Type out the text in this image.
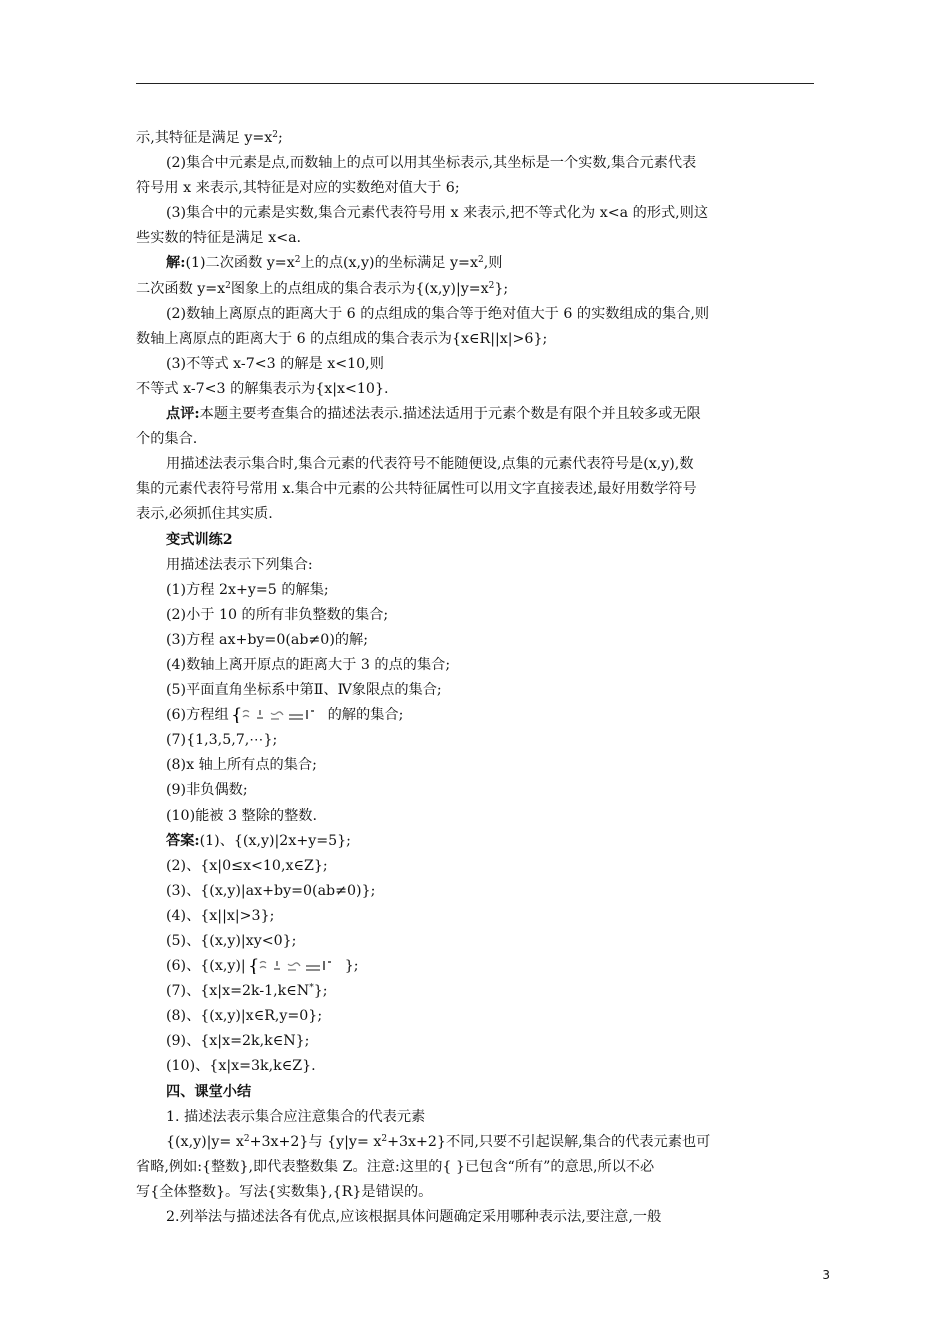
示,其特征是满足 $y=x^2$;
(2)集合中元素是点,而数轴上的点可以用其坐标表示,其坐标是一个实数,集合元素代表
符号用 x 来表示,其特征是对应的实数绝对值大于 6;
(3)集合中的元素是实数,集合元素代表符号用 x 来表示,把不等式化为 x<a 的形式,则这
些实数的特征是满足 x<a.
解:(1)二次函数 $y=x^2$上的点(x,y)的坐标满足 $y=x^2$,则
二次函数 $y=x^2$图象上的点组成的集合表示为$\{(x,y)|y=x^2\}$;
(2)数轴上离原点的距离大于 6 的点组成的集合等于绝对值大于 6 的实数组成的集合,则
数轴上离原点的距离大于 6 的点组成的集合表示为{x∈R||x|>6};
(3)不等式 x-7<3 的解是 x<10,则
不等式 x-7<3 的解集表示为{x|x<10}.
点评:本题主要考查集合的描述法表示.描述法适用于元素个数是有限个并且较多或无限
个的集合.
用描述法表示集合时,集合元素的代表符号不能随便设,点集的元素代表符号是(x,y),数
集的元素代表符号常用 x.集合中元素的公共特征属性可以用文字直接表述,最好用数学符号
表示,必须抓住其实质.
变式训练2
用描述法表示下列集合:
(1)方程 2x+y=5 的解集;
(2)小于 10 的所有非负整数的集合;
(3)方程 ax+by=0(ab≠0)的解;
(4)数轴上离开原点的距离大于 3 的点的集合;
(5)平面直角坐标系中第Ⅱ、Ⅳ象限点的集合;
(6)方程组 {	的解的集合;
(7){1,3,5,7,⋯};
(8)x 轴上所有点的集合;
(9)非负偶数;
(10)能被 3 整除的整数.
答案:(1)、{(x,y)|2x+y=5};
(2)、{x|0≤x<10,x∈Z};
(3)、{(x,y)|ax+by=0(ab≠0)};
(4)、{x||x|>3};
(5)、{(x,y)|xy<0};
(6)、{(x,y)| {	};
(7)、{x|x=2k-1,k∈N*};
(8)、{(x,y)|x∈R,y=0};
(9)、{x|x=2k,k∈N};
(10)、{x|x=3k,k∈Z}.
四、课堂小结
1. 描述法表示集合应注意集合的代表元素
$\{(x,y)|y= x^2+3x+2\}$与 $\{y|y= x^2+3x+2\}$不同,只要不引起误解,集合的代表元素也可
省略,例如:{整数},即代表整数集 Z。注意:这里的{ }已包含“所有”的意思,所以不必
写{全体整数}。写法{实数集},{R}是错误的。
2.列举法与描述法各有优点,应该根据具体问题确定采用哪种表示法,要注意,一般
3
